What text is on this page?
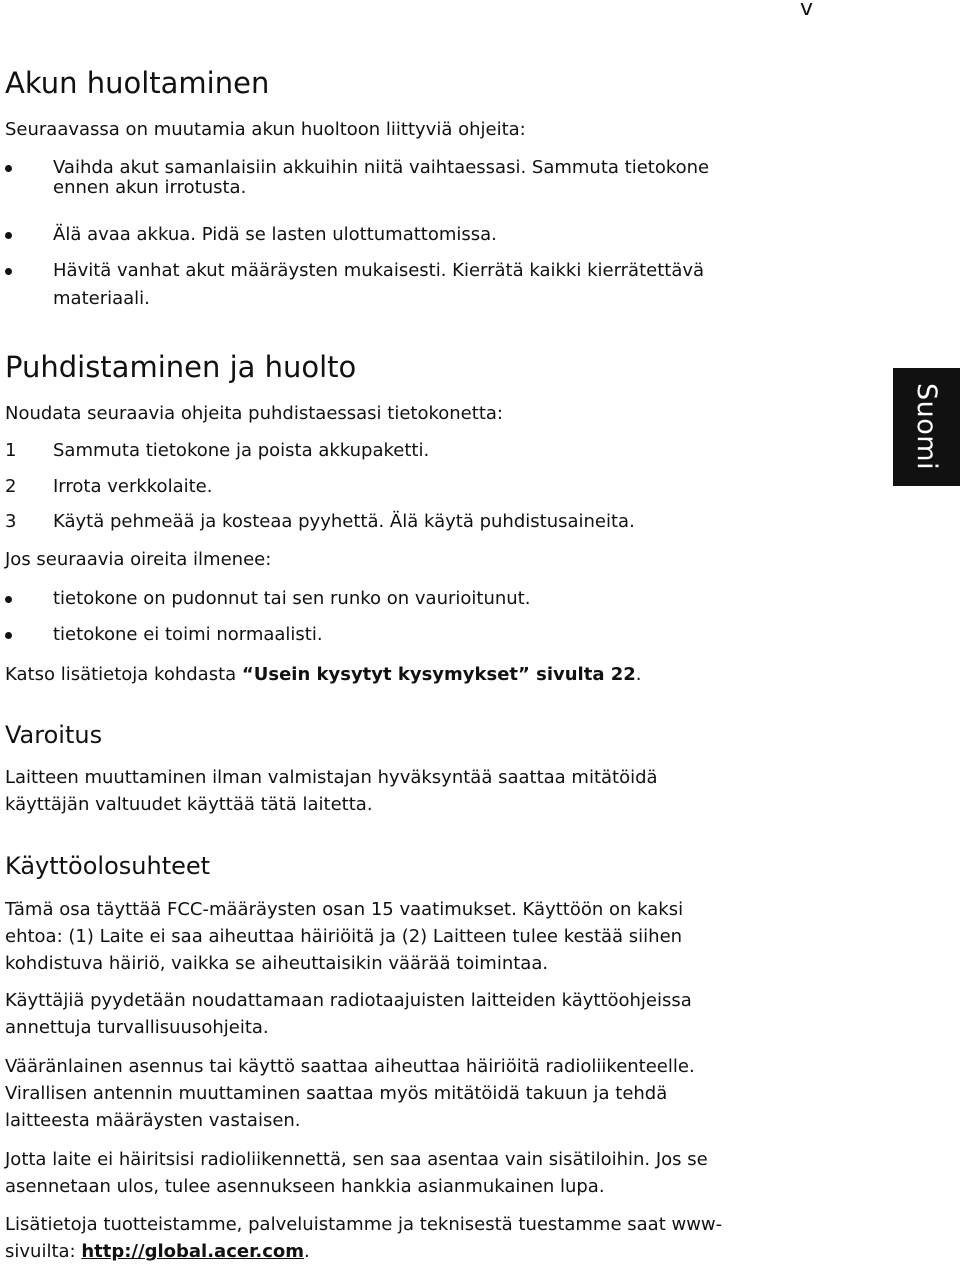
v
Suomi
Akun huoltaminen
Seuraavassa on muutamia akun huoltoon liittyviä ohjeita:
Vaihda akut samanlaisiin akkuihin niitä vaihtaessasi. Sammuta tietokone
ennen akun irrotusta.
Älä avaa akkua. Pidä se lasten ulottumattomissa.
Hävitä vanhat akut määräysten mukaisesti. Kierrätä kaikki kierrätettävä
materiaali.
Puhdistaminen ja huolto
Noudata seuraavia ohjeita puhdistaessasi tietokonetta:
1 Sammuta tietokone ja poista akkupaketti.
2 Irrota verkkolaite.
3 Käytä pehmeää ja kosteaa pyyhettä. Älä käytä puhdistusaineita.
Jos seuraavia oireita ilmenee:
tietokone on pudonnut tai sen runko on vaurioitunut.
tietokone ei toimi normaalisti.
Katso lisätietoja kohdasta “Usein kysytyt kysymykset” sivulta 22.
Varoitus
Laitteen muuttaminen ilman valmistajan hyväksyntää saattaa mitätöidä
käyttäjän valtuudet käyttää tätä laitetta.
Käyttöolosuhteet
Tämä osa täyttää FCC-määräysten osan 15 vaatimukset. Käyttöön on kaksi
ehtoa: (1) Laite ei saa aiheuttaa häiriöitä ja (2) Laitteen tulee kestää siihen
kohdistuva häiriö, vaikka se aiheuttaisikin väärää toimintaa.
Käyttäjiä pyydetään noudattamaan radiotaajuisten laitteiden käyttöohjeissa
annettuja turvallisuusohjeita.
Vääränlainen asennus tai käyttö saattaa aiheuttaa häiriöitä radioliikenteelle.
Virallisen antennin muuttaminen saattaa myös mitätöidä takuun ja tehdä
laitteesta määräysten vastaisen.
Jotta laite ei häiritsisi radioliikennettä, sen saa asentaa vain sisätiloihin. Jos se
asennetaan ulos, tulee asennukseen hankkia asianmukainen lupa.
Lisätietoja tuotteistamme, palveluistamme ja teknisestä tuestamme saat www-
sivuilta: http://global.acer.com.
